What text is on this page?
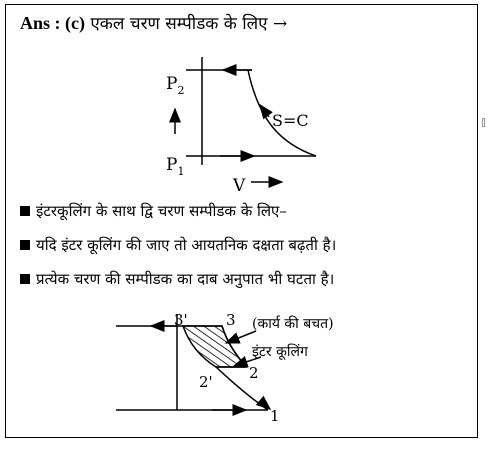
Ans : (c) एकल चरण सम्पीडक के लिए →
$P_2$
$P_1$
S=C
V
3'	3
2' 2
1
(कार्य की बचत)
इंटर कूलिंग
इंटरकूलिंग के साथ द्वि चरण सम्पीडक के लिए–
यदि इंटर कूलिंग की जाए तो आयतनिक दक्षता बढ़ती है।
प्रत्येक चरण की सम्पीडक का दाब अनुपात भी घटता है।
